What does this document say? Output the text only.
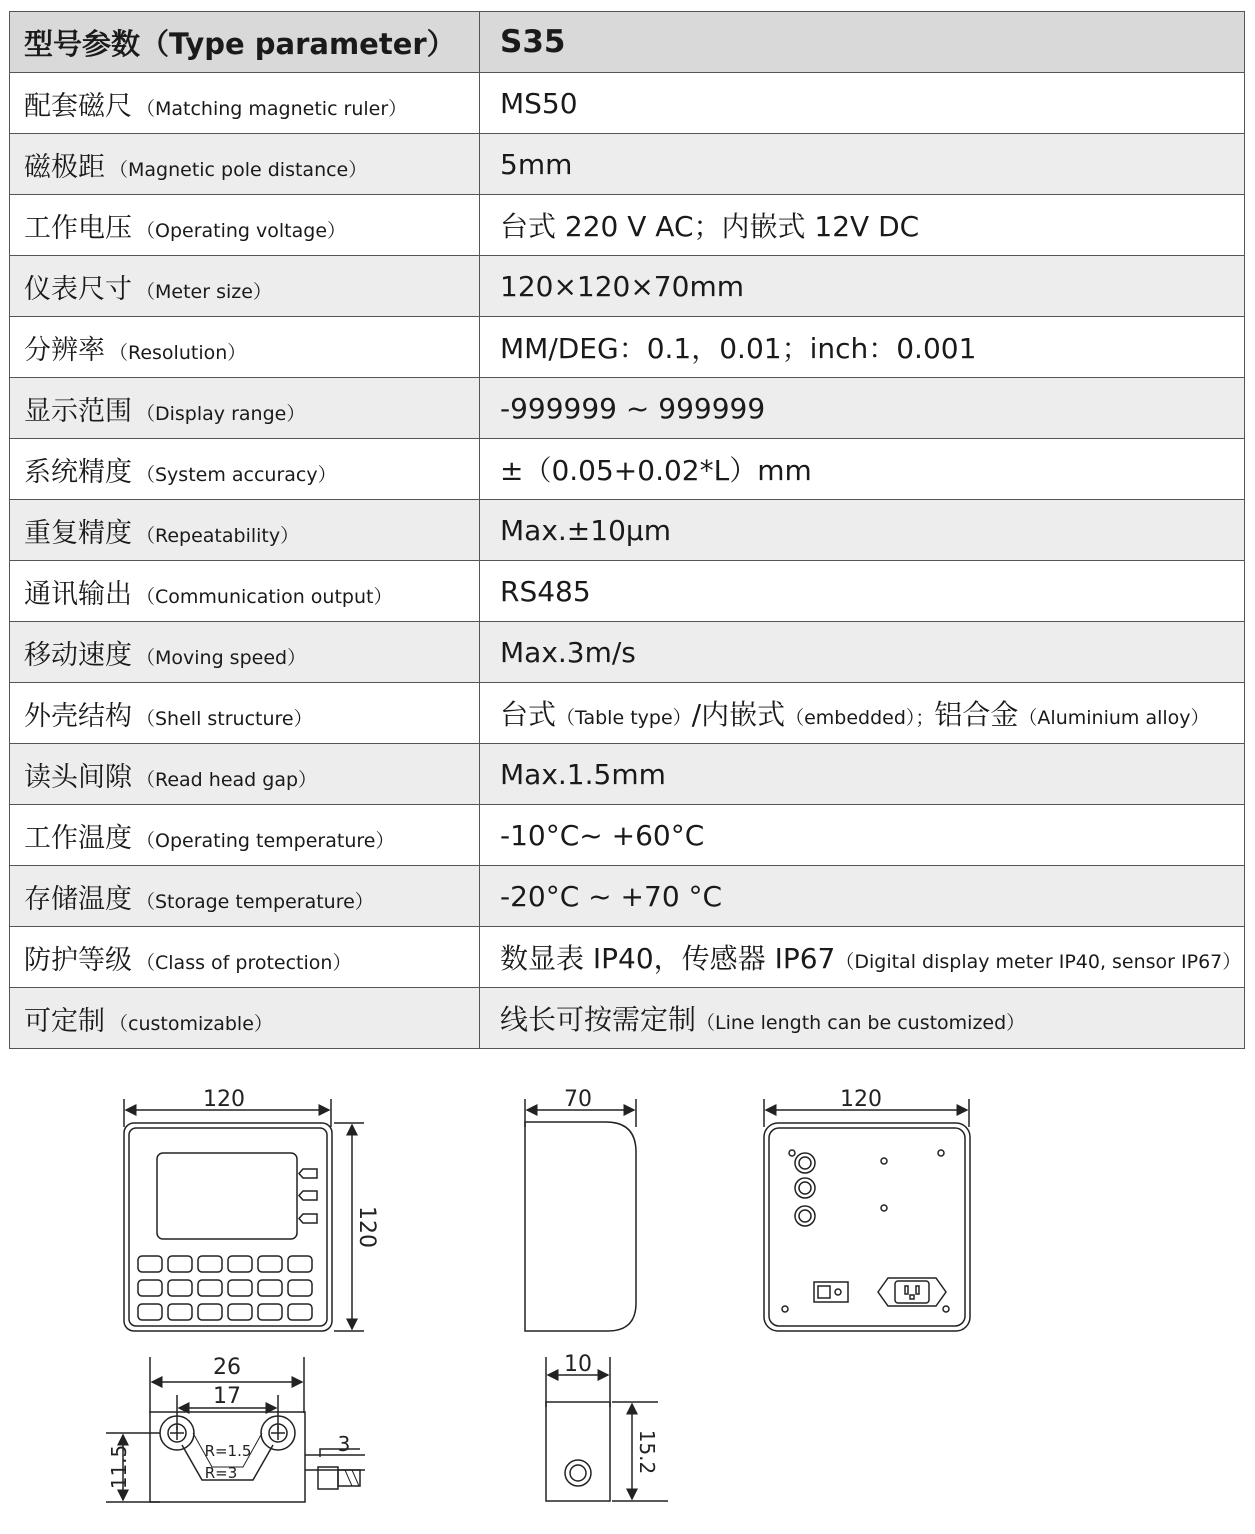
型号参数（Type parameter）	S35
配套磁尺 （Matching magnetic ruler）	MS50
磁极距 （Magnetic pole distance）	5mm
工作电压 （Operating voltage）	台式 220 V AC；内嵌式 12V DC
仪表尺寸 （Meter size）	120×120×70mm
分辨率 （Resolution）	MM/DEG：0.1，0.01；inch：0.001
显示范围 （Display range）	-999999 ~ 999999
系统精度 （System accuracy）	±（0.05+0.02*L）mm
重复精度 （Repeatability）	Max.±10μm
通讯输出 （Communication output）	RS485
移动速度 （Moving speed）	Max.3m/s
外壳结构 （Shell structure）	台式（Table type）/内嵌式（embedded）；铝合金（Aluminium alloy）
读头间隙 （Read head gap）	Max.1.5mm
工作温度 （Operating temperature）	-10°C~ +60°C
存储温度 （Storage temperature）	-20°C ~ +70 °C
防护等级 （Class of protection）	数显表 IP40，传感器 IP67（Digital display meter IP40, sensor IP67）
可定制 （customizable）	线长可按需定制（Line length can be customized）
120
120
70	120
26
17
R=1.5
R=3
3
11.5
10
15.2
